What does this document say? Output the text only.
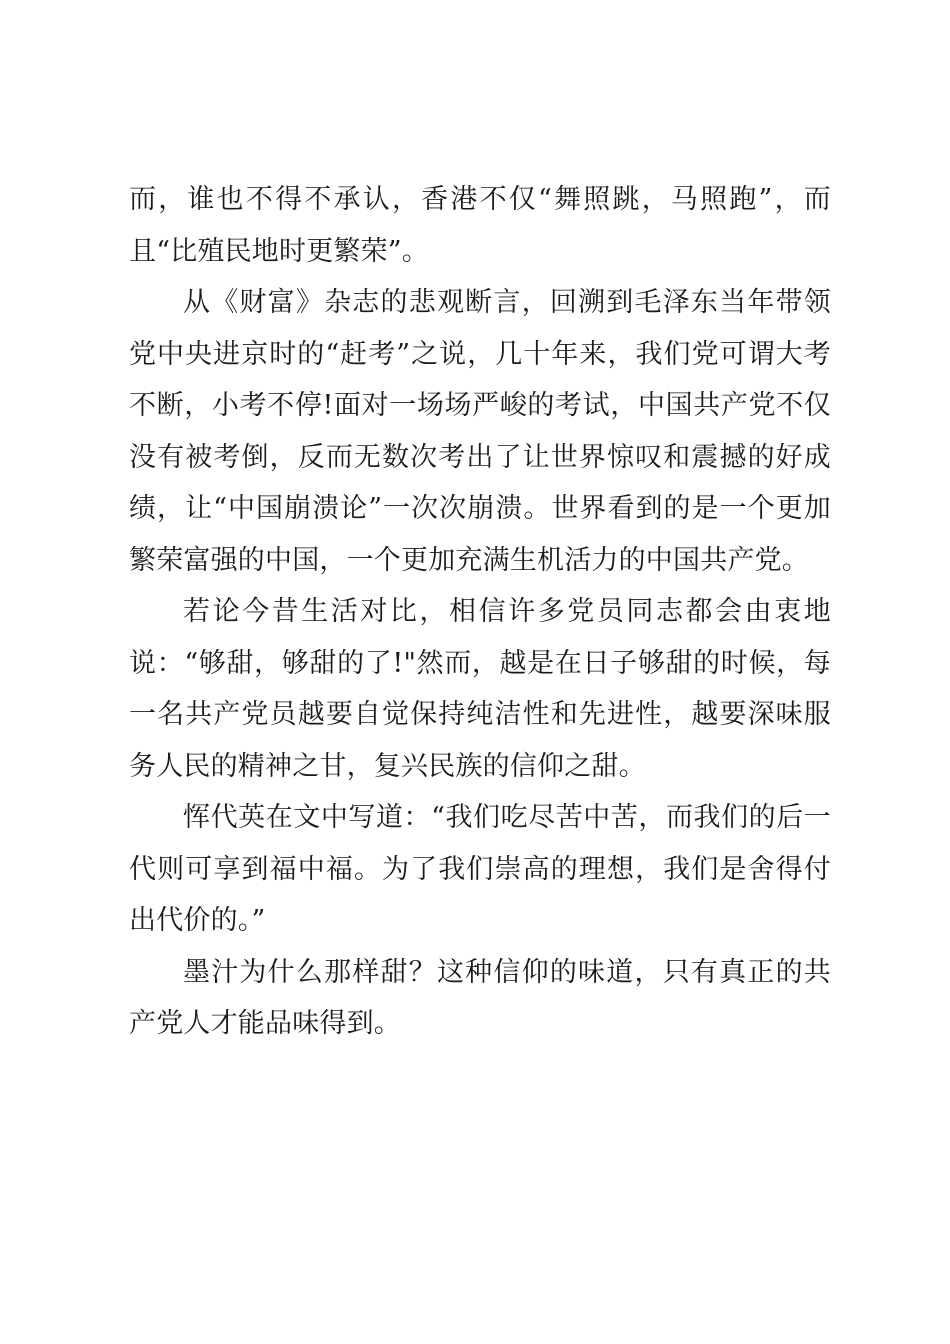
而，谁也不得不承认，香港不仅“舞照跳，马照跑”，而且“比殖民地时更繁荣”。

从《财富》杂志的悲观断言，回溯到毛泽东当年带领党中央进京时的“赶考”之说，几十年来，我们党可谓大考不断，小考不停!面对一场场严峻的考试，中国共产党不仅没有被考倒，反而无数次考出了让世界惊叹和震撼的好成绩，让“中国崩溃论”一次次崩溃。世界看到的是一个更加繁荣富强的中国，一个更加充满生机活力的中国共产党。

若论今昔生活对比，相信许多党员同志都会由衷地说：“够甜，够甜的了!"然而，越是在日子够甜的时候，每一名共产党员越要自觉保持纯洁性和先进性，越要深味服务人民的精神之甘，复兴民族的信仰之甜。

恽代英在文中写道：“我们吃尽苦中苦，而我们的后一代则可享到福中福。为了我们崇高的理想，我们是舍得付出代价的。”

墨汁为什么那样甜？这种信仰的味道，只有真正的共产党人才能品味得到。
